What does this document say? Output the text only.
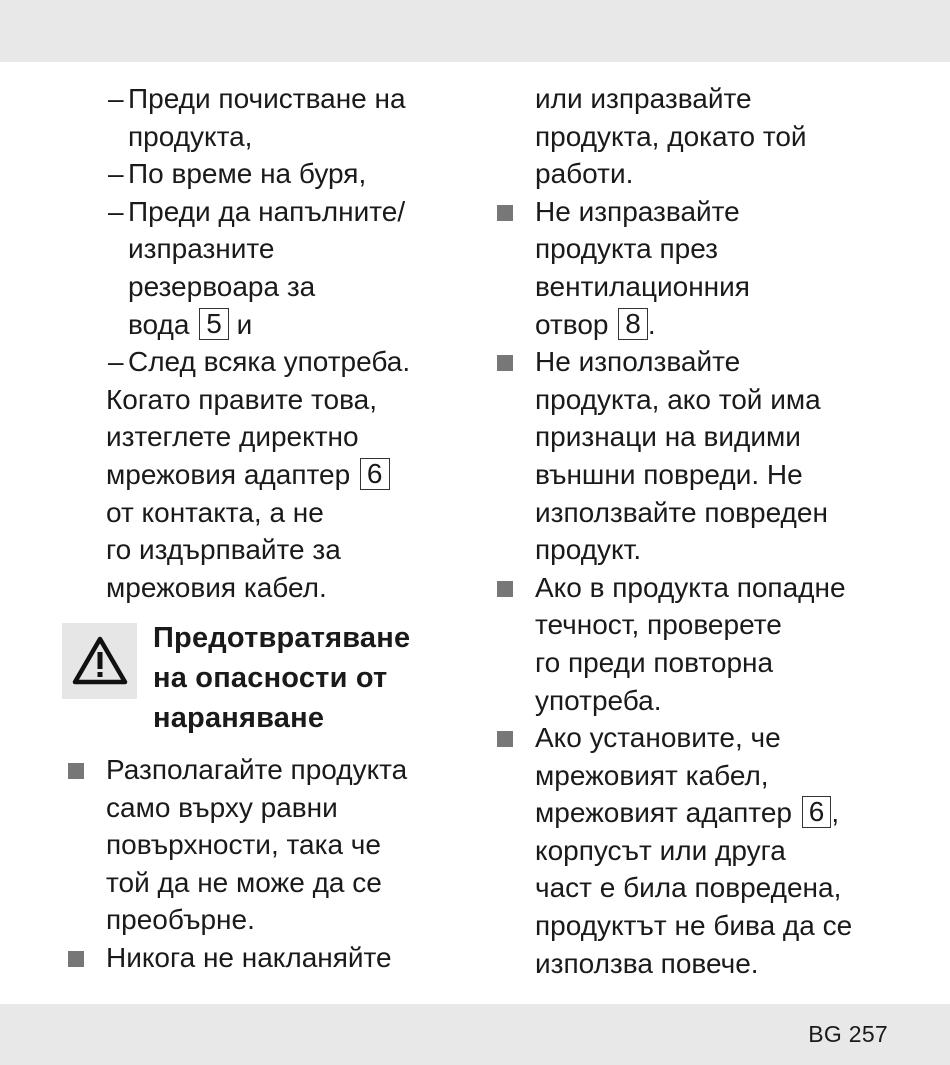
– Преди почистване на
продукта,
– По време на буря,
– Преди да напълните/
изпразните
резервоара за
вода 5 и
– След всяка употреба.
Когато правите това,
изтеглете директно
мрежовия адаптер 6
от контакта, а не
го издърпвайте за
мрежовия кабел.
Предотвратяване
на опасности от
нараняване
Разполагайте продукта
само върху равни
повърхности, така че
той да не може да се
преобърне.
Никога не накланяйте
или изпразвайте
продукта, докато той
работи.
Не изпразвайте
продукта през
вентилационния
отвор 8 .
Не използвайте
продукта, ако той има
признаци на видими
външни повреди. Не
използвайте повреден
продукт.
Ако в продукта попадне
течност, проверете
го преди повторна
употреба.
Ако установите, че
мрежовият кабел,
мрежовият адаптер 6 ,
корпусът или друга
част е била повредена,
продуктът не бива да се
използва повече.
BG 257
